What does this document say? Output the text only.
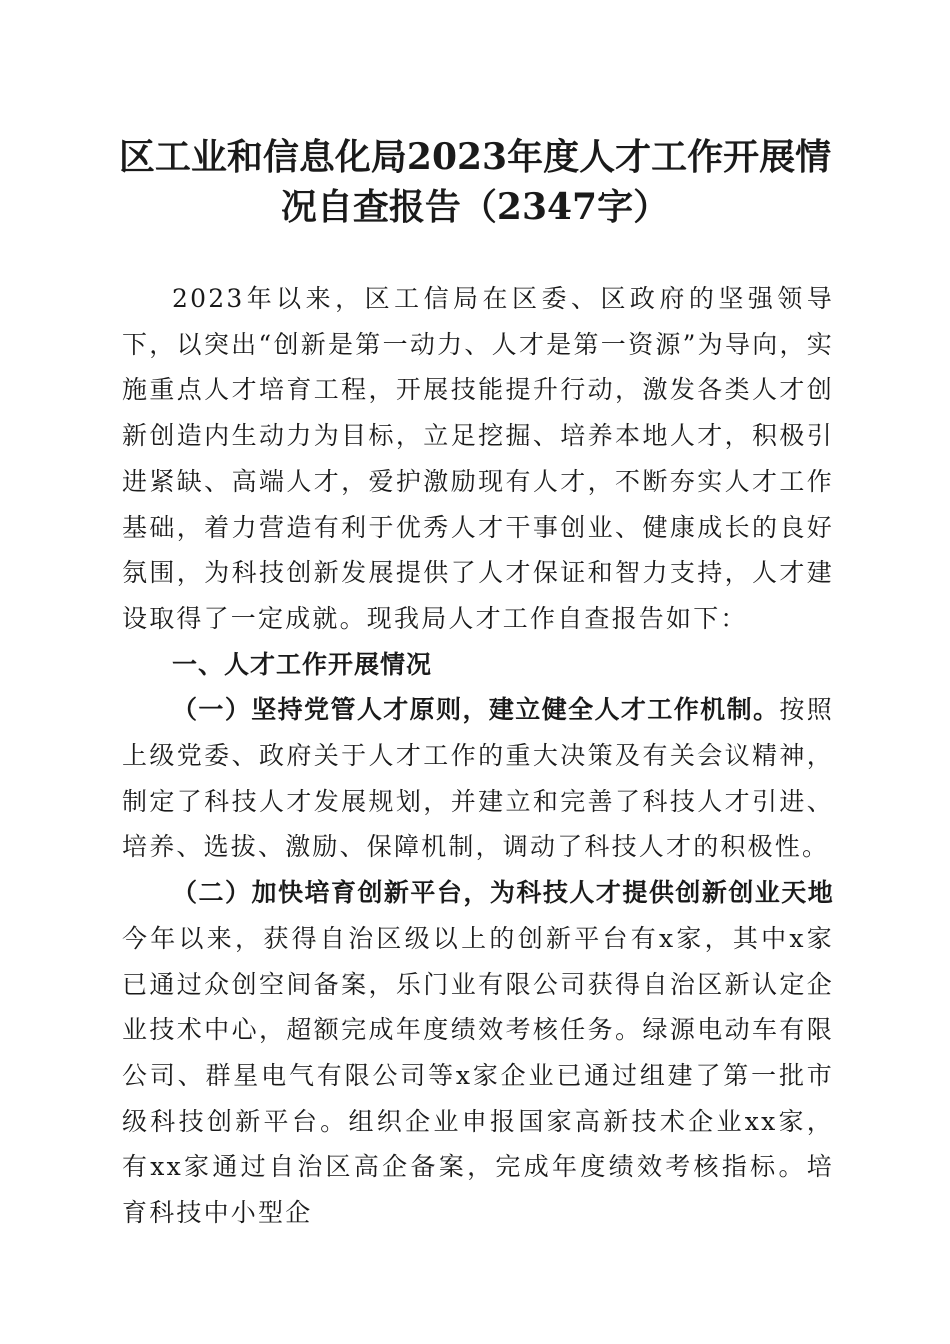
区工业和信息化局2023年度人才工作开展情
况自查报告（2347字）

2023年以来，区工信局在区委、区政府的坚强领导下，以突出“创新是第一动力、人才是第一资源”为导向，实施重点人才培育工程，开展技能提升行动，激发各类人才创新创造内生动力为目标，立足挖掘、培养本地人才，积极引进紧缺、高端人才，爱护激励现有人才，不断夯实人才工作基础，着力营造有利于优秀人才干事创业、健康成长的良好氛围，为科技创新发展提供了人才保证和智力支持，人才建设取得了一定成就。现我局人才工作自查报告如下：

一、人才工作开展情况

（一）坚持党管人才原则，建立健全人才工作机制。按照上级党委、政府关于人才工作的重大决策及有关会议精神，制定了科技人才发展规划，并建立和完善了科技人才引进、培养、选拔、激励、保障机制，调动了科技人才的积极性。

（二）加快培育创新平台，为科技人才提供创新创业天地今年以来，获得自治区级以上的创新平台有x家，其中x家已通过众创空间备案，乐门业有限公司获得自治区新认定企业技术中心，超额完成年度绩效考核任务。绿源电动车有限公司、群星电气有限公司等x家企业已通过组建了第一批市级科技创新平台。组织企业申报国家高新技术企业xx家，有xx家通过自治区高企备案，完成年度绩效考核指标。培育科技中小型企
